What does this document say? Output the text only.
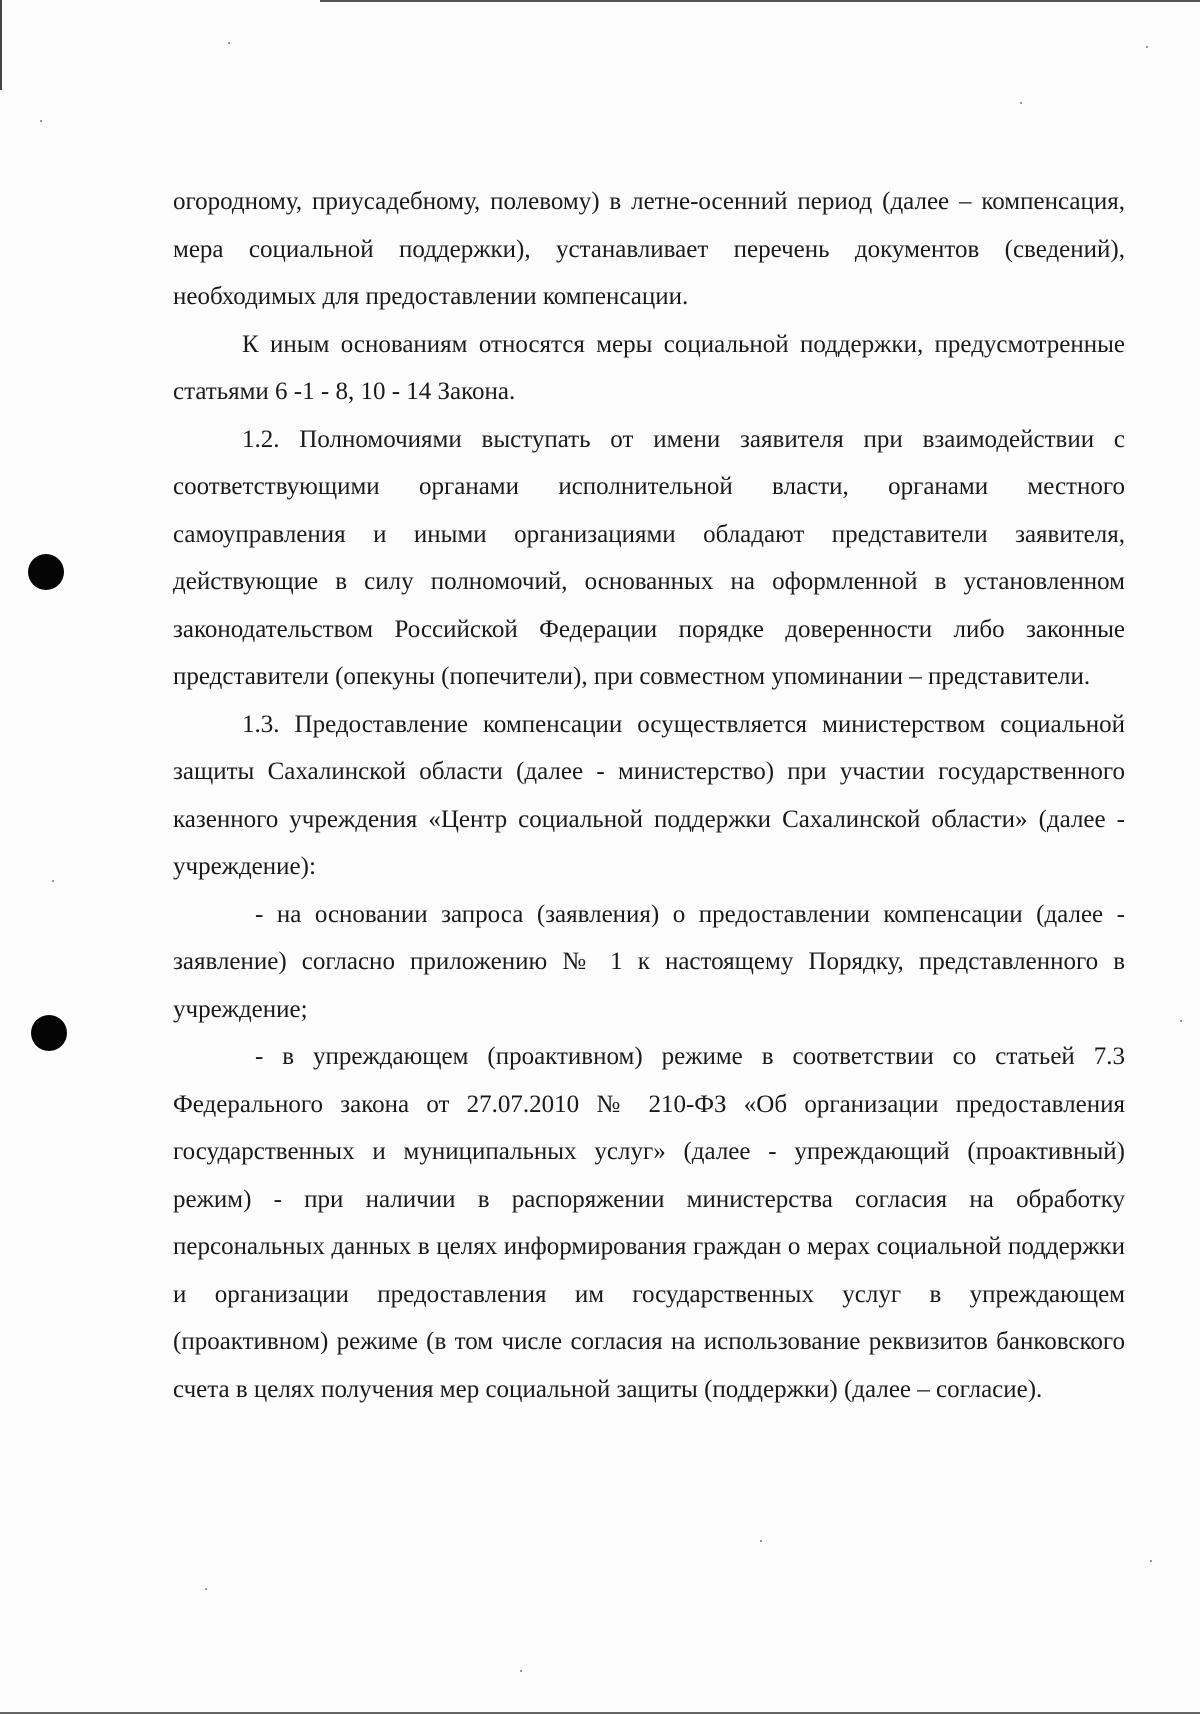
огородному, приусадебному, полевому) в летне-осенний период (далее – компенсация, мера социальной поддержки), устанавливает перечень документов (сведений), необходимых для предоставлении компенсации.

К иным основаниям относятся меры социальной поддержки, предусмотренные статьями 6 -1 - 8, 10 - 14 Закона.

1.2. Полномочиями выступать от имени заявителя при взаимодействии с соответствующими органами исполнительной власти, органами местного самоуправления и иными организациями обладают представители заявителя, действующие в силу полномочий, основанных на оформленной в установленном законодательством Российской Федерации порядке доверенности либо законные представители (опекуны (попечители), при совместном упоминании – представители.

1.3. Предоставление компенсации осуществляется министерством социальной защиты Сахалинской области (далее - министерство) при участии государственного казенного учреждения «Центр социальной поддержки Сахалинской области» (далее - учреждение):

- на основании запроса (заявления) о предоставлении компенсации (далее - заявление) согласно приложению № 1 к настоящему Порядку, представленного в учреждение;

- в упреждающем (проактивном) режиме в соответствии со статьей 7.3 Федерального закона от 27.07.2010 № 210-ФЗ «Об организации предоставления государственных и муниципальных услуг» (далее - упреждающий (проактивный) режим) - при наличии в распоряжении министерства согласия на обработку персональных данных в целях информирования граждан о мерах социальной поддержки и организации предоставления им государственных услуг в упреждающем (проактивном) режиме (в том числе согласия на использование реквизитов банковского счета в целях получения мер социальной защиты (поддержки) (далее – согласие).
